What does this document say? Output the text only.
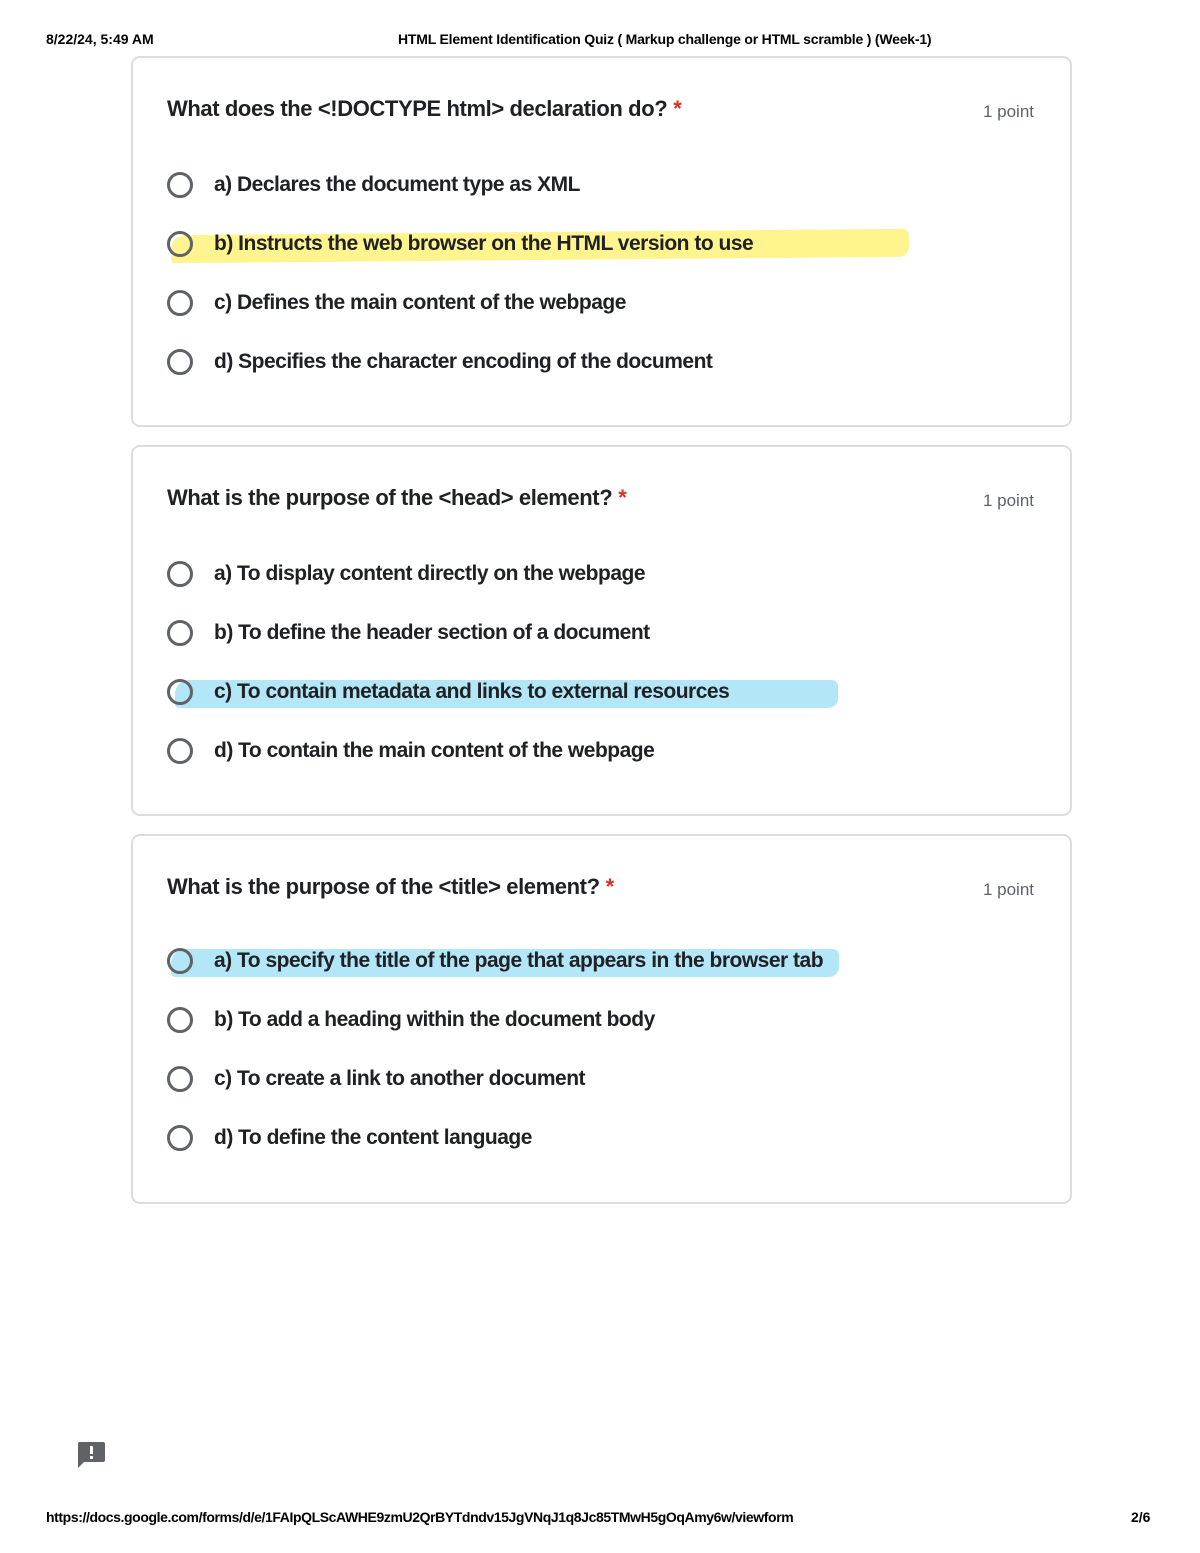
8/22/24, 5:49 AM	HTML Element Identification Quiz ( Markup challenge or HTML scramble ) (Week-1)
What does the <!DOCTYPE html> declaration do? *	1 point
a) Declares the document type as XML
b) Instructs the web browser on the HTML version to use
c) Defines the main content of the webpage
d) Specifies the character encoding of the document
What is the purpose of the <head> element? *	1 point
a) To display content directly on the webpage
b) To define the header section of a document
c) To contain metadata and links to external resources
d) To contain the main content of the webpage
What is the purpose of the <title> element? *	1 point
a) To specify the title of the page that appears in the browser tab
b) To add a heading within the document body
c) To create a link to another document
d) To define the content language
https://docs.google.com/forms/d/e/1FAIpQLScAWHE9zmU2QrBYTdndv15JgVNqJ1q8Jc85TMwH5gOqAmy6w/viewform	2/6
